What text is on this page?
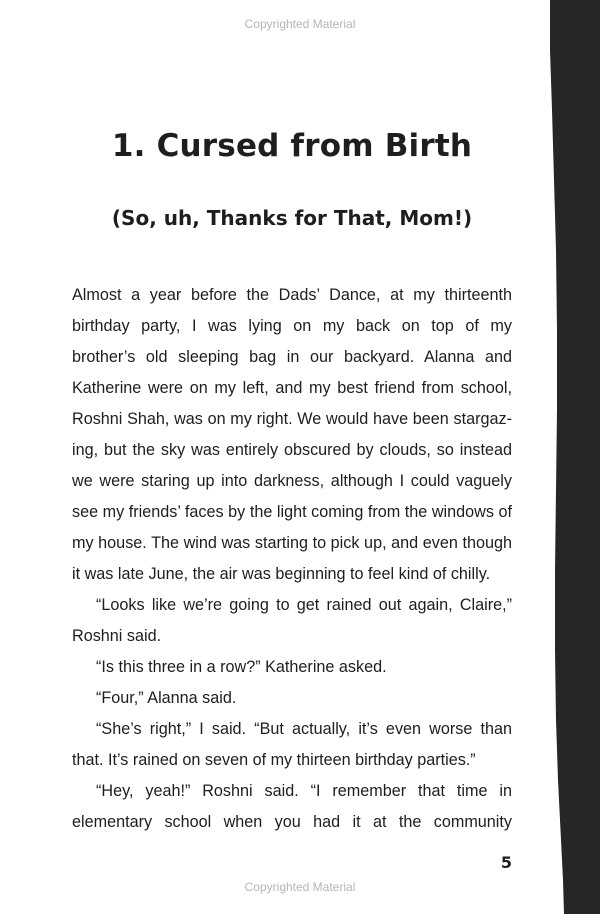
Copyrighted Material
1. Cursed from Birth
(So, uh, Thanks for That, Mom!)

Almost a year before the Dads’ Dance, at my thirteenth

birthday party, I was lying on my back on top of my

brother’s old sleeping bag in our backyard. Alanna and

Katherine were on my left, and my best friend from school,

Roshni Shah, was on my right. We would have been stargaz-

ing, but the sky was entirely obscured by clouds, so instead

we were staring up into darkness, although I could vaguely

see my friends’ faces by the light coming from the windows of

my house. The wind was starting to pick up, and even though

it was late June, the air was beginning to feel kind of chilly.

“Looks like we’re going to get rained out again, Claire,”

Roshni said.

“Is this three in a row?” Katherine asked.

“Four,” Alanna said.

“She’s right,” I said. “But actually, it’s even worse than

that. It’s rained on seven of my thirteen birthday parties.”

“Hey, yeah!” Roshni said. “I remember that time in

elementary school when you had it at the community

5
Copyrighted Material
